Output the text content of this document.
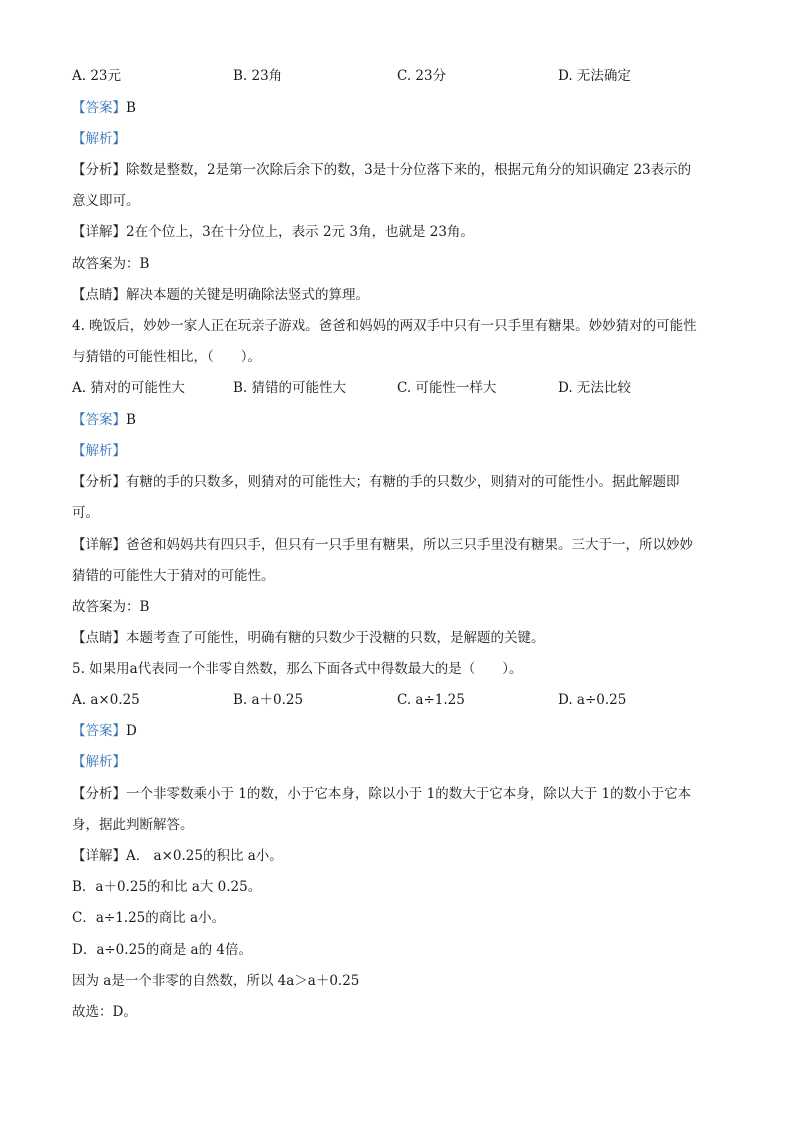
A. 23元	B. 23角	C. 23分	D. 无法确定
【答案】B
【解析】
【分析】除数是整数，2是第一次除后余下的数，3是十分位落下来的，根据元角分的知识确定 23表示的
意义即可。
【详解】2在个位上，3在十分位上，表示 2元 3角，也就是 23角。
故答案为：B
【点睛】解决本题的关键是明确除法竖式的算理。
4. 晚饭后，妙妙一家人正在玩亲子游戏。爸爸和妈妈的两双手中只有一只手里有糖果。妙妙猜对的可能性
与猜错的可能性相比，（　　）。
A. 猜对的可能性大	B. 猜错的可能性大	C. 可能性一样大	D. 无法比较
【答案】B
【解析】
【分析】有糖的手的只数多，则猜对的可能性大；有糖的手的只数少，则猜对的可能性小。据此解题即
可。
【详解】爸爸和妈妈共有四只手，但只有一只手里有糖果，所以三只手里没有糖果。三大于一，所以妙妙
猜错的可能性大于猜对的可能性。
故答案为：B
【点睛】本题考查了可能性，明确有糖的只数少于没糖的只数，是解题的关键。
5. 如果用a代表同一个非零自然数，那么下面各式中得数最大的是（　　）。
A. a×0.25	B. a＋0.25	C. a÷1.25	D. a÷0.25
【答案】D
【解析】
【分析】一个非零数乘小于 1的数，小于它本身，除以小于 1的数大于它本身，除以大于 1的数小于它本
身，据此判断解答。
【详解】A． a×0.25的积比 a小。
B．a＋0.25的和比 a大 0.25。
C．a÷1.25的商比 a小。
D．a÷0.25的商是 a的 4倍。
因为 a是一个非零的自然数，所以 4a＞a＋0.25
故选：D。
